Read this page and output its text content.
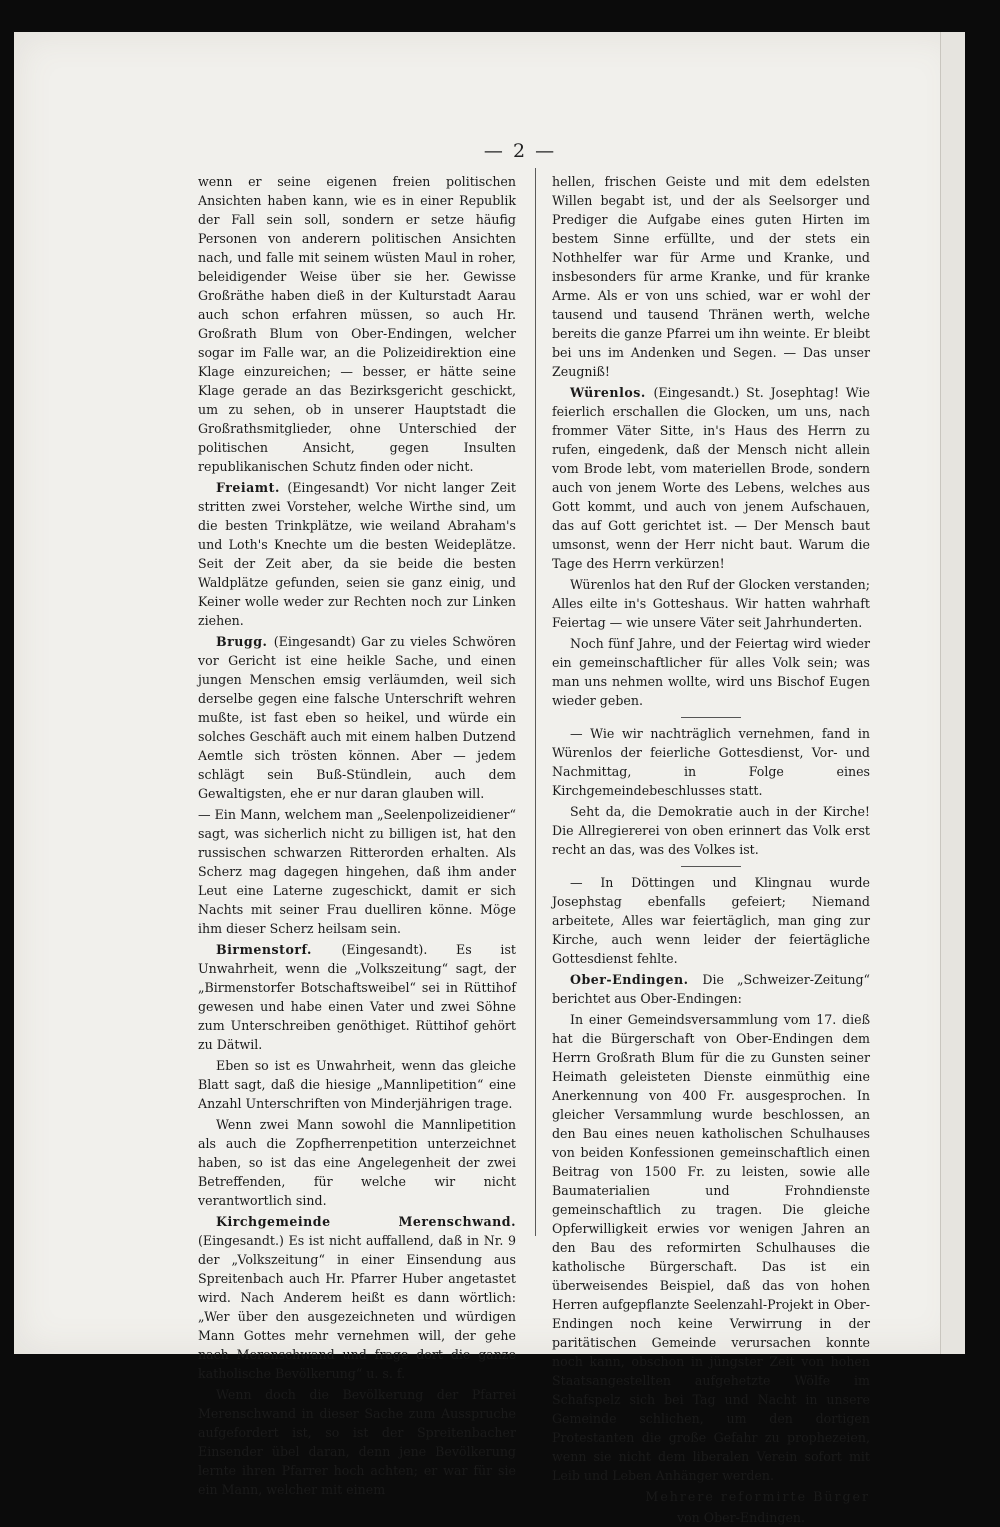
— 2 —

wenn er seine eigenen freien politischen Ansichten haben kann, wie es in einer Republik der Fall sein soll, sondern er setze häufig Personen von anderern politischen Ansichten nach, und falle mit seinem wüsten Maul in roher, beleidigender Weise über sie her. Gewisse Großräthe haben dieß in der Kulturstadt Aarau auch schon erfahren müssen, so auch Hr. Großrath Blum von Ober-Endingen, welcher sogar im Falle war, an die Polizeidirektion eine Klage einzureichen; — besser, er hätte seine Klage gerade an das Bezirksgericht geschickt, um zu sehen, ob in unserer Hauptstadt die Großrathsmitglieder, ohne Unterschied der politischen Ansicht, gegen Insulten republikanischen Schutz finden oder nicht.

Freiamt. (Eingesandt) Vor nicht langer Zeit stritten zwei Vorsteher, welche Wirthe sind, um die besten Trinkplätze, wie weiland Abraham's und Loth's Knechte um die besten Weideplätze. Seit der Zeit aber, da sie beide die besten Waldplätze gefunden, seien sie ganz einig, und Keiner wolle weder zur Rechten noch zur Linken ziehen.

Brugg. (Eingesandt) Gar zu vieles Schwören vor Gericht ist eine heikle Sache, und einen jungen Menschen emsig verläumden, weil sich derselbe gegen eine falsche Unterschrift wehren mußte, ist fast eben so heikel, und würde ein solches Geschäft auch mit einem halben Dutzend Aemtle sich trösten können. Aber — jedem schlägt sein Buß-Stündlein, auch dem Gewaltigsten, ehe er nur daran glauben will.

— Ein Mann, welchem man „Seelenpolizeidiener“ sagt, was sicherlich nicht zu billigen ist, hat den russischen schwarzen Ritterorden erhalten. Als Scherz mag dagegen hingehen, daß ihm ander Leut eine Laterne zugeschickt, damit er sich Nachts mit seiner Frau duelliren könne. Möge ihm dieser Scherz heilsam sein.

Birmenstorf. (Eingesandt). Es ist Unwahrheit, wenn die „Volkszeitung“ sagt, der „Birmenstorfer Botschaftsweibel“ sei in Rüttihof gewesen und habe einen Vater und zwei Söhne zum Unterschreiben genöthiget. Rüttihof gehört zu Dätwil.

Eben so ist es Unwahrheit, wenn das gleiche Blatt sagt, daß die hiesige „Mannlipetition“ eine Anzahl Unterschriften von Minderjährigen trage.

Wenn zwei Mann sowohl die Mannlipetition als auch die Zopfherrenpetition unterzeichnet haben, so ist das eine Angelegenheit der zwei Betreffenden, für welche wir nicht verantwortlich sind.

Kirchgemeinde Merenschwand. (Eingesandt.) Es ist nicht auffallend, daß in Nr. 9 der „Volkszeitung“ in einer Einsendung aus Spreitenbach auch Hr. Pfarrer Huber angetastet wird. Nach Anderem heißt es dann wörtlich: „Wer über den ausgezeichneten und würdigen Mann Gottes mehr vernehmen will, der gehe nach Merenschwand und frage dort die ganze katholische Bevölkerung“ u. s. f.

Wenn doch die Bevölkerung der Pfarrei Merenschwand in dieser Sache zum Ausspruche aufgefordert ist, so ist der Spreitenbacher Einsender übel daran, denn jene Bevölkerung lernte ihren Pfarrer hoch achten; er war für sie ein Mann, welcher mit einem

hellen, frischen Geiste und mit dem edelsten Willen begabt ist, und der als Seelsorger und Prediger die Aufgabe eines guten Hirten im bestem Sinne erfüllte, und der stets ein Nothhelfer war für Arme und Kranke, und insbesonders für arme Kranke, und für kranke Arme. Als er von uns schied, war er wohl der tausend und tausend Thränen werth, welche bereits die ganze Pfarrei um ihn weinte. Er bleibt bei uns im Andenken und Segen. — Das unser Zeugniß!

Würenlos. (Eingesandt.) St. Josephtag! Wie feierlich erschallen die Glocken, um uns, nach frommer Väter Sitte, in's Haus des Herrn zu rufen, eingedenk, daß der Mensch nicht allein vom Brode lebt, vom materiellen Brode, sondern auch von jenem Worte des Lebens, welches aus Gott kommt, und auch von jenem Aufschauen, das auf Gott gerichtet ist. — Der Mensch baut umsonst, wenn der Herr nicht baut. Warum die Tage des Herrn verkürzen!

Würenlos hat den Ruf der Glocken verstanden; Alles eilte in's Gotteshaus. Wir hatten wahrhaft Feiertag — wie unsere Väter seit Jahrhunderten.

Noch fünf Jahre, und der Feiertag wird wieder ein gemeinschaftlicher für alles Volk sein; was man uns nehmen wollte, wird uns Bischof Eugen wieder geben.

— Wie wir nachträglich vernehmen, fand in Würenlos der feierliche Gottesdienst, Vor- und Nachmittag, in Folge eines Kirchgemeindebeschlusses statt.

Seht da, die Demokratie auch in der Kirche! Die Allregiererei von oben erinnert das Volk erst recht an das, was des Volkes ist.

— In Döttingen und Klingnau wurde Josephstag ebenfalls gefeiert; Niemand arbeitete, Alles war feiertäglich, man ging zur Kirche, auch wenn leider der feiertägliche Gottesdienst fehlte.

Ober-Endingen. Die „Schweizer-Zeitung“ berichtet aus Ober-Endingen:

In einer Gemeindsversammlung vom 17. dieß hat die Bürgerschaft von Ober-Endingen dem Herrn Großrath Blum für die zu Gunsten seiner Heimath geleisteten Dienste einmüthig eine Anerkennung von 400 Fr. ausgesprochen. In gleicher Versammlung wurde beschlossen, an den Bau eines neuen katholischen Schulhauses von beiden Konfessionen gemeinschaftlich einen Beitrag von 1500 Fr. zu leisten, sowie alle Baumaterialien und Frohndienste gemeinschaftlich zu tragen. Die gleiche Opferwilligkeit erwies vor wenigen Jahren an den Bau des reformirten Schulhauses die katholische Bürgerschaft. Das ist ein überweisendes Beispiel, daß das von hohen Herren aufgepflanzte Seelenzahl-Projekt in Ober-Endingen noch keine Verwirrung in der paritätischen Gemeinde verursachen konnte noch kann, obschon in jüngster Zeit von hohen Staatsangestellten aufgehetzte Wölfe im Schafspelz sich bei Tag und Nacht in unsere Gemeinde schlichen, um den dortigen Protestanten die große Gefahr zu prophezeien, wenn sie nicht dem liberalen Verein sofort mit Leib und Leben Anhänger werden.

Mehrere reformirte Bürger

von Ober-Endingen.
